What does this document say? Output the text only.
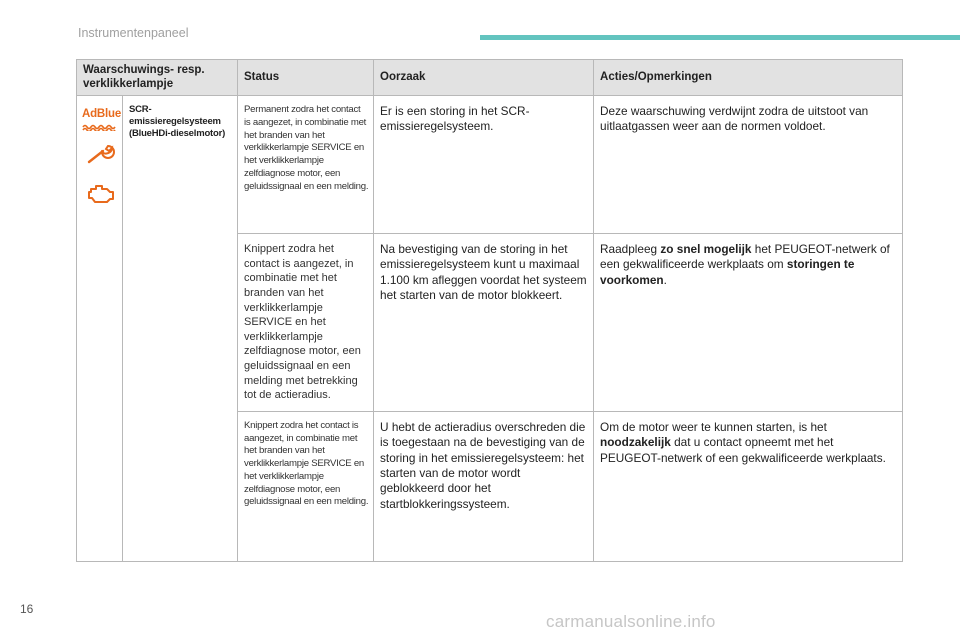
Instrumentenpaneel
Waarschuwings- resp. verklikkerlampje		Status	Oorzaak	Acties/Opmerkingen

AdBlue	SCR-emissieregelsysteem (BlueHDi-dieselmotor)	Permanent zodra het contact is aangezet, in combinatie met het branden van het verklikkerlampje SERVICE en het verklikkerlampje zelfdiagnose motor, een geluidssignaal en een melding.	Er is een storing in het SCR-emissieregelsysteem.	Deze waarschuwing verdwijnt zodra de uitstoot van uitlaatgassen weer aan de normen voldoet.
		Knippert zodra het contact is aangezet, in combinatie met het branden van het verklikkerlampje SERVICE en het verklikkerlampje zelfdiagnose motor, een geluidssignaal en een melding met betrekking tot de actieradius.	Na bevestiging van de storing in het emissieregelsysteem kunt u maximaal 1.100 km afleggen voordat het systeem het starten van de motor blokkeert.	Raadpleeg zo snel mogelijk het PEUGEOT-netwerk of een gekwalificeerde werkplaats om storingen te voorkomen.
		Knippert zodra het contact is aangezet, in combinatie met het branden van het verklikkerlampje SERVICE en het verklikkerlampje zelfdiagnose motor, een geluidssignaal en een melding.	U hebt de actieradius overschreden die is toegestaan na de bevestiging van de storing in het emissieregelsysteem: het starten van de motor wordt geblokkeerd door het startblokkeringssysteem.	Om de motor weer te kunnen starten, is het noodzakelijk dat u contact opneemt met het PEUGEOT-netwerk of een gekwalificeerde werkplaats.
16
carmanualsonline.info
